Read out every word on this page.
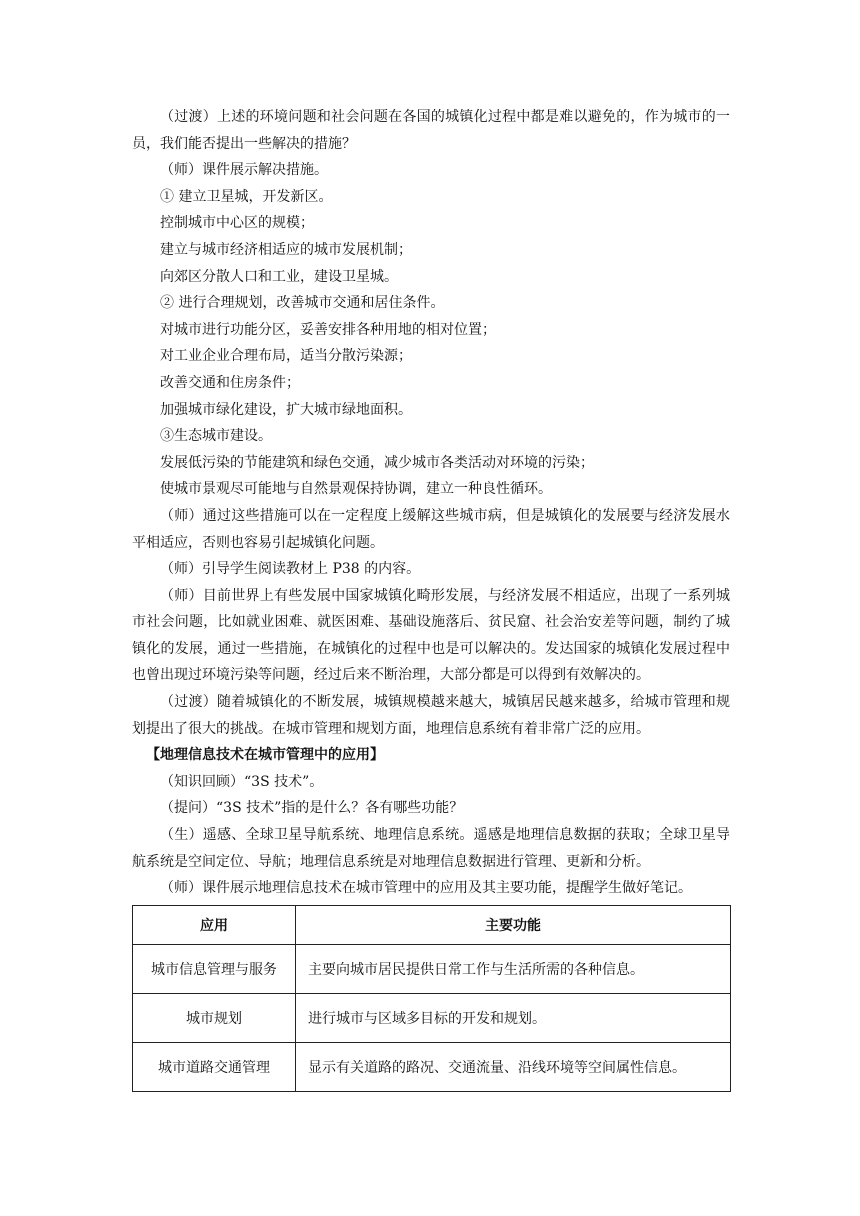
（过渡）上述的环境问题和社会问题在各国的城镇化过程中都是难以避免的，作为城市的一员，我们能否提出一些解决的措施？

（师）课件展示解决措施。

① 建立卫星城，开发新区。

控制城市中心区的规模；

建立与城市经济相适应的城市发展机制；

向郊区分散人口和工业，建设卫星城。

② 进行合理规划，改善城市交通和居住条件。

对城市进行功能分区，妥善安排各种用地的相对位置；

对工业企业合理布局，适当分散污染源；

改善交通和住房条件；

加强城市绿化建设，扩大城市绿地面积。

③生态城市建设。

发展低污染的节能建筑和绿色交通，减少城市各类活动对环境的污染；

使城市景观尽可能地与自然景观保持协调，建立一种良性循环。

（师）通过这些措施可以在一定程度上缓解这些城市病，但是城镇化的发展要与经济发展水平相适应，否则也容易引起城镇化问题。

（师）引导学生阅读教材上 P38 的内容。

（师）目前世界上有些发展中国家城镇化畸形发展，与经济发展不相适应，出现了一系列城市社会问题，比如就业困难、就医困难、基础设施落后、贫民窟、社会治安差等问题，制约了城镇化的发展，通过一些措施，在城镇化的过程中也是可以解决的。发达国家的城镇化发展过程中也曾出现过环境污染等问题，经过后来不断治理，大部分都是可以得到有效解决的。

（过渡）随着城镇化的不断发展，城镇规模越来越大，城镇居民越来越多，给城市管理和规划提出了很大的挑战。在城市管理和规划方面，地理信息系统有着非常广泛的应用。

【地理信息技术在城市管理中的应用】

（知识回顾）“3S 技术”。

（提问）“3S 技术”指的是什么？各有哪些功能？

（生）遥感、全球卫星导航系统、地理信息系统。遥感是地理信息数据的获取；全球卫星导航系统是空间定位、导航；地理信息系统是对地理信息数据进行管理、更新和分析。

（师）课件展示地理信息技术在城市管理中的应用及其主要功能，提醒学生做好笔记。

应用	主要功能
城市信息管理与服务	主要向城市居民提供日常工作与生活所需的各种信息。
城市规划	进行城市与区域多目标的开发和规划。
城市道路交通管理	显示有关道路的路况、交通流量、沿线环境等空间属性信息。
